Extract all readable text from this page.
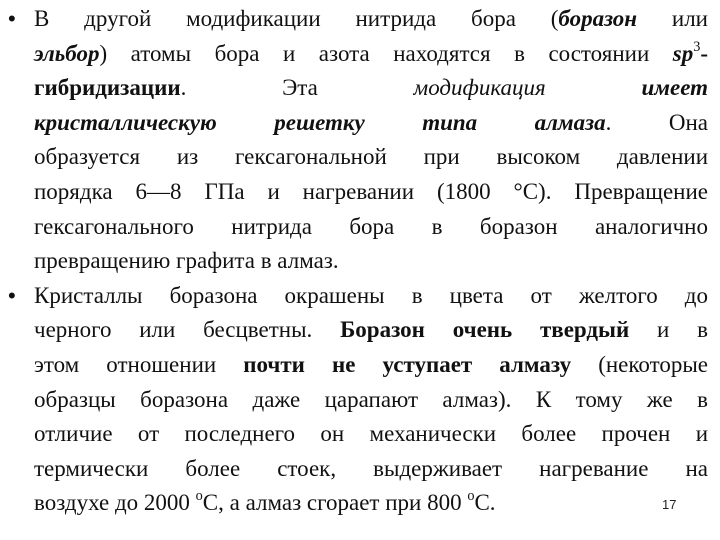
• В другой модификации нитрида бора (боразон или
эльбор) атомы бора и азота находятся в состоянии $sp^3-$
гибридизации. Эта модификация	имеет
кристаллическую решетку типа алмаза. Она
образуется из гексагональной при высоком давлении
порядка 6—8 ГПа и нагревании (1800 °С). Превращение
гексагонального нитрида бора в боразон аналогично
превращению графита в алмаз.
• Кристаллы боразона окрашены в цвета от желтого до
черного или бесцветны. Боразон очень твердый и в
этом отношении почти не уступает алмазу (некоторые
образцы боразона даже царапают алмаз). К тому же в
отличие от последнего он механически более прочен и
термически более стоек, выдерживает нагревание на
воздухе до 2000 $^о$С, а алмаз сгорает при 800 $^о$С.	17
